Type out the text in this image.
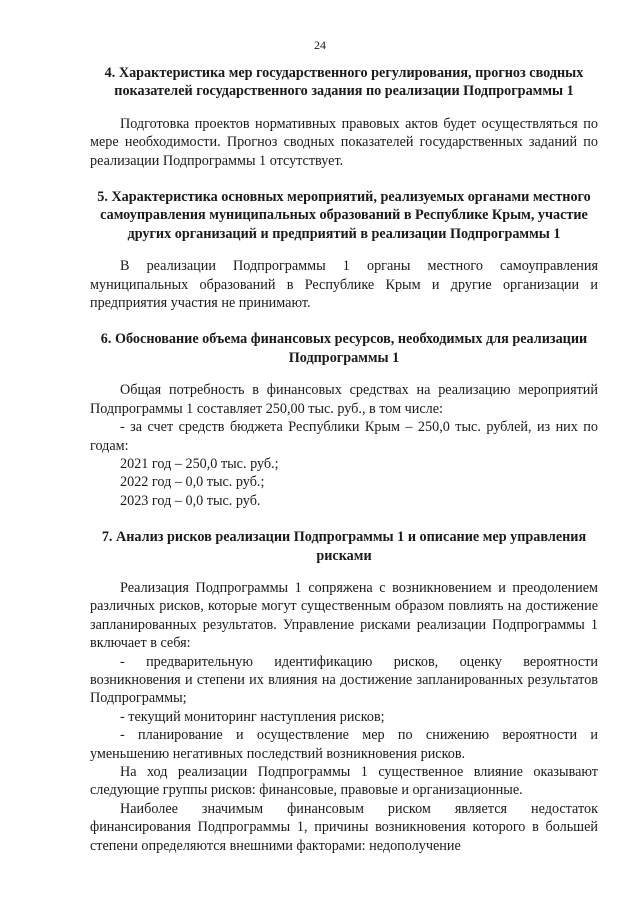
24

4. Характеристика мер государственного регулирования, прогноз сводных показателей государственного задания по реализации Подпрограммы 1

Подготовка проектов нормативных правовых актов будет осуществляться по мере необходимости. Прогноз сводных показателей государственных заданий по реализации Подпрограммы 1 отсутствует.

5. Характеристика основных мероприятий, реализуемых органами местного самоуправления муниципальных образований в Республике Крым, участие других организаций и предприятий в реализации Подпрограммы 1

В реализации Подпрограммы 1 органы местного самоуправления муниципальных образований в Республике Крым и другие организации и предприятия участия не принимают.

6. Обоснование объема финансовых ресурсов, необходимых для реализации Подпрограммы 1

Общая потребность в финансовых средствах на реализацию мероприятий Подпрограммы 1 составляет 250,00 тыс. руб., в том числе:

- за счет средств бюджета Республики Крым – 250,0 тыс. рублей, из них по годам:

2021 год – 250,0 тыс. руб.;

2022 год – 0,0 тыс. руб.;

2023 год – 0,0 тыс. руб.

7. Анализ рисков реализации Подпрограммы 1 и описание мер управления рисками

Реализация Подпрограммы 1 сопряжена с возникновением и преодолением различных рисков, которые могут существенным образом повлиять на достижение запланированных результатов. Управление рисками реализации Подпрограммы 1 включает в себя:

- предварительную идентификацию рисков, оценку вероятности возникновения и степени их влияния на достижение запланированных результатов Подпрограммы;

- текущий мониторинг наступления рисков;

- планирование и осуществление мер по снижению вероятности и уменьшению негативных последствий возникновения рисков.

На ход реализации Подпрограммы 1 существенное влияние оказывают следующие группы рисков: финансовые, правовые и организационные.

Наиболее значимым финансовым риском является недостаток финансирования Подпрограммы 1, причины возникновения которого в большей степени определяются внешними факторами: недополучение
